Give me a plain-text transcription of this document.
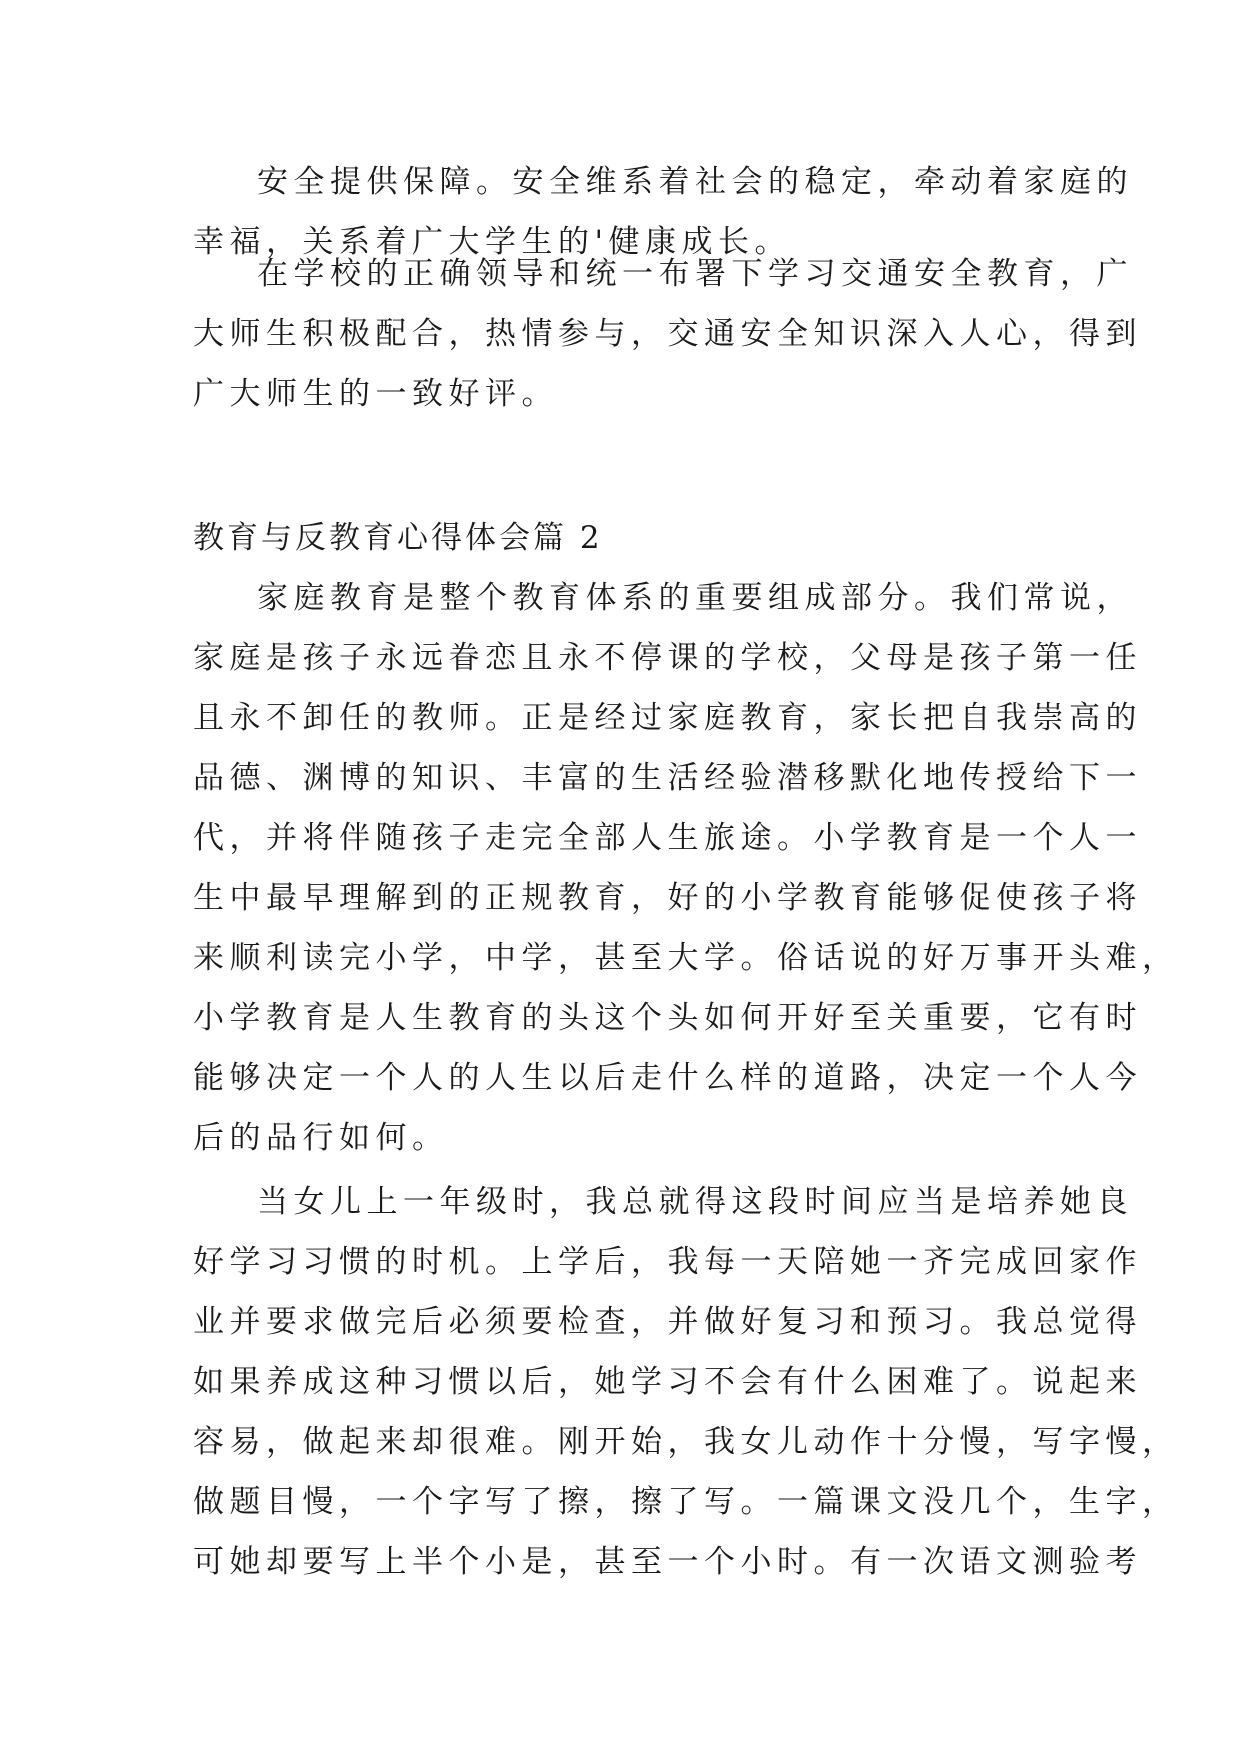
安全提供保障。安全维系着社会的稳定，牵动着家庭的
幸福，关系着广大学生的'健康成长。
在学校的正确领导和统一布署下学习交通安全教育，广
大师生积极配合，热情参与，交通安全知识深入人心，得到
广大师生的一致好评。
教育与反教育心得体会篇 2
家庭教育是整个教育体系的重要组成部分。我们常说，
家庭是孩子永远眷恋且永不停课的学校，父母是孩子第一任
且永不卸任的教师。正是经过家庭教育，家长把自我崇高的
品德、渊博的知识、丰富的生活经验潜移默化地传授给下一
代，并将伴随孩子走完全部人生旅途。小学教育是一个人一
生中最早理解到的正规教育，好的小学教育能够促使孩子将
来顺利读完小学，中学，甚至大学。俗话说的好万事开头难，
小学教育是人生教育的头这个头如何开好至关重要，它有时
能够决定一个人的人生以后走什么样的道路，决定一个人今
后的品行如何。
当女儿上一年级时，我总就得这段时间应当是培养她良
好学习习惯的时机。上学后，我每一天陪她一齐完成回家作
业并要求做完后必须要检查，并做好复习和预习。我总觉得
如果养成这种习惯以后，她学习不会有什么困难了。说起来
容易，做起来却很难。刚开始，我女儿动作十分慢，写字慢，
做题目慢，一个字写了擦，擦了写。一篇课文没几个，生字，
可她却要写上半个小是，甚至一个小时。有一次语文测验考
